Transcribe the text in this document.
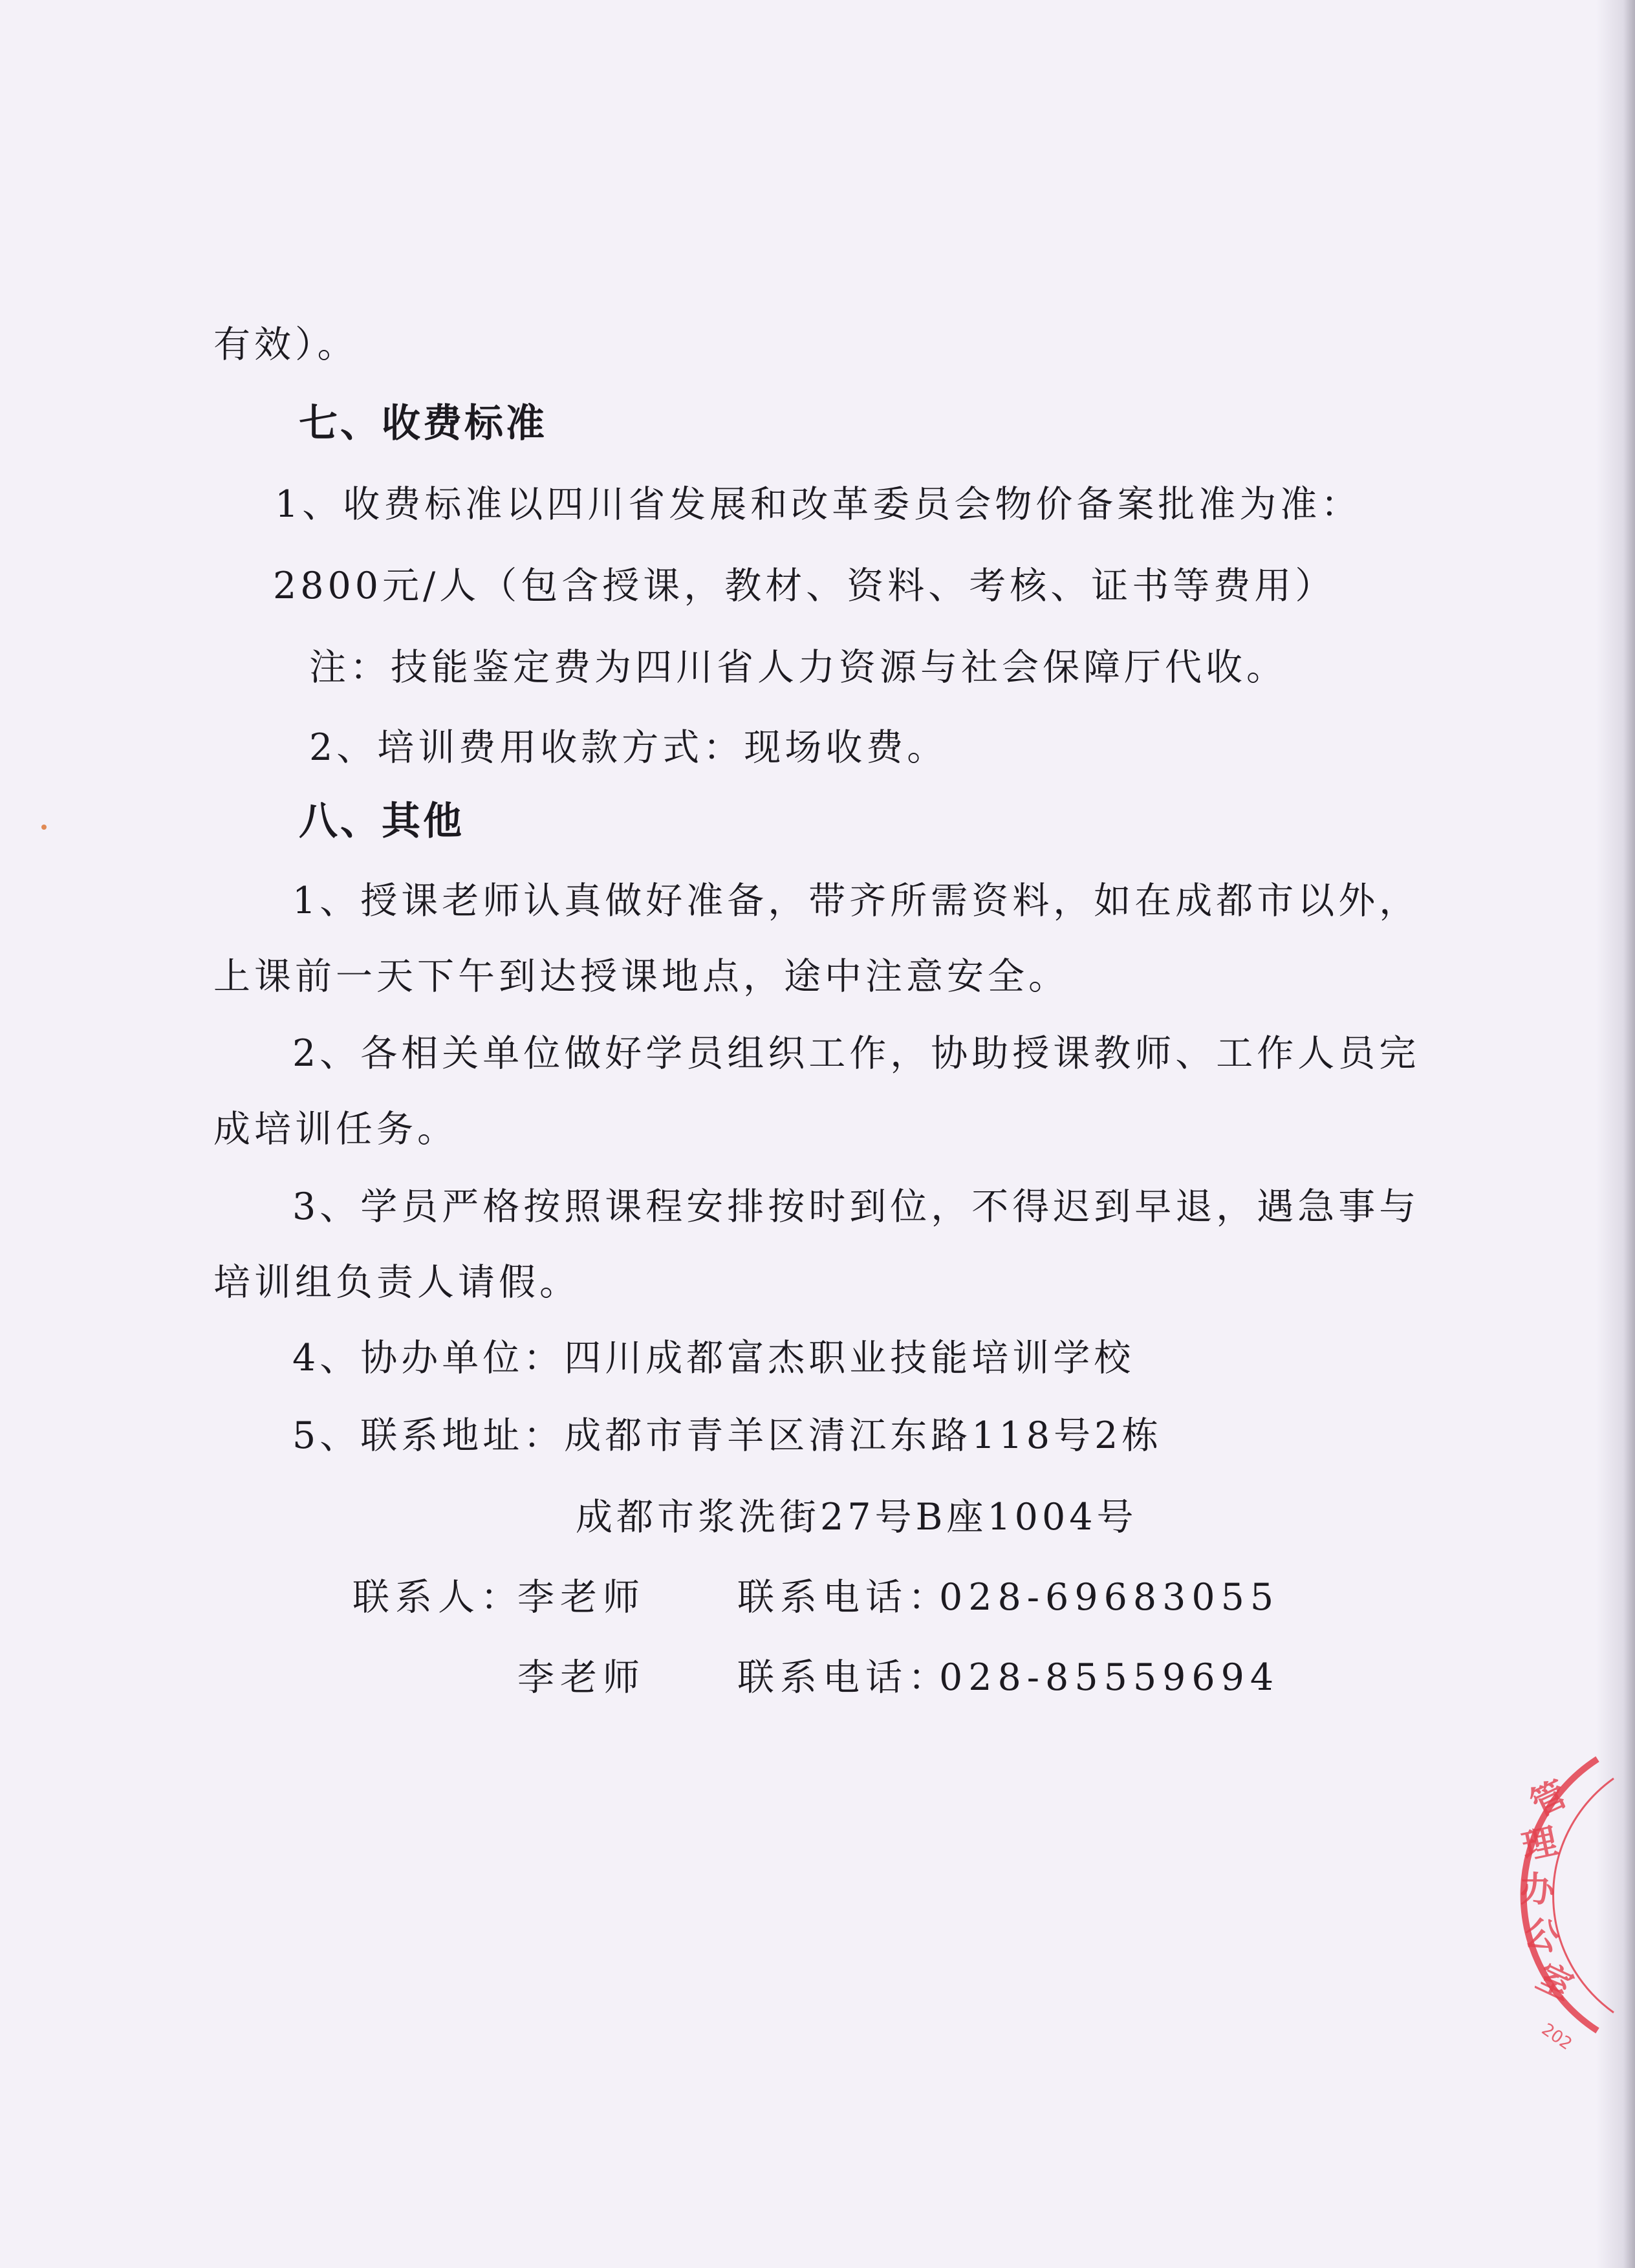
有效）。
七、收费标准
1、收费标准以四川省发展和改革委员会物价备案批准为准：
2800元/人（包含授课，教材、资料、考核、证书等费用）
注：技能鉴定费为四川省人力资源与社会保障厅代收。
2、培训费用收款方式：现场收费。
八、其他
1、授课老师认真做好准备，带齐所需资料，如在成都市以外，
上课前一天下午到达授课地点，途中注意安全。
2、各相关单位做好学员组织工作，协助授课教师、工作人员完
成培训任务。
3、学员严格按照课程安排按时到位，不得迟到早退，遇急事与
培训组负责人请假。
4、协办单位：四川成都富杰职业技能培训学校
5、联系地址：成都市青羊区清江东路118号2栋
成都市浆洗街27号B座1004号
联系人：
李老师 联系电话：
028-69683055
李老师 联系电话：
028-85559694
管
理
办
公
室
202
